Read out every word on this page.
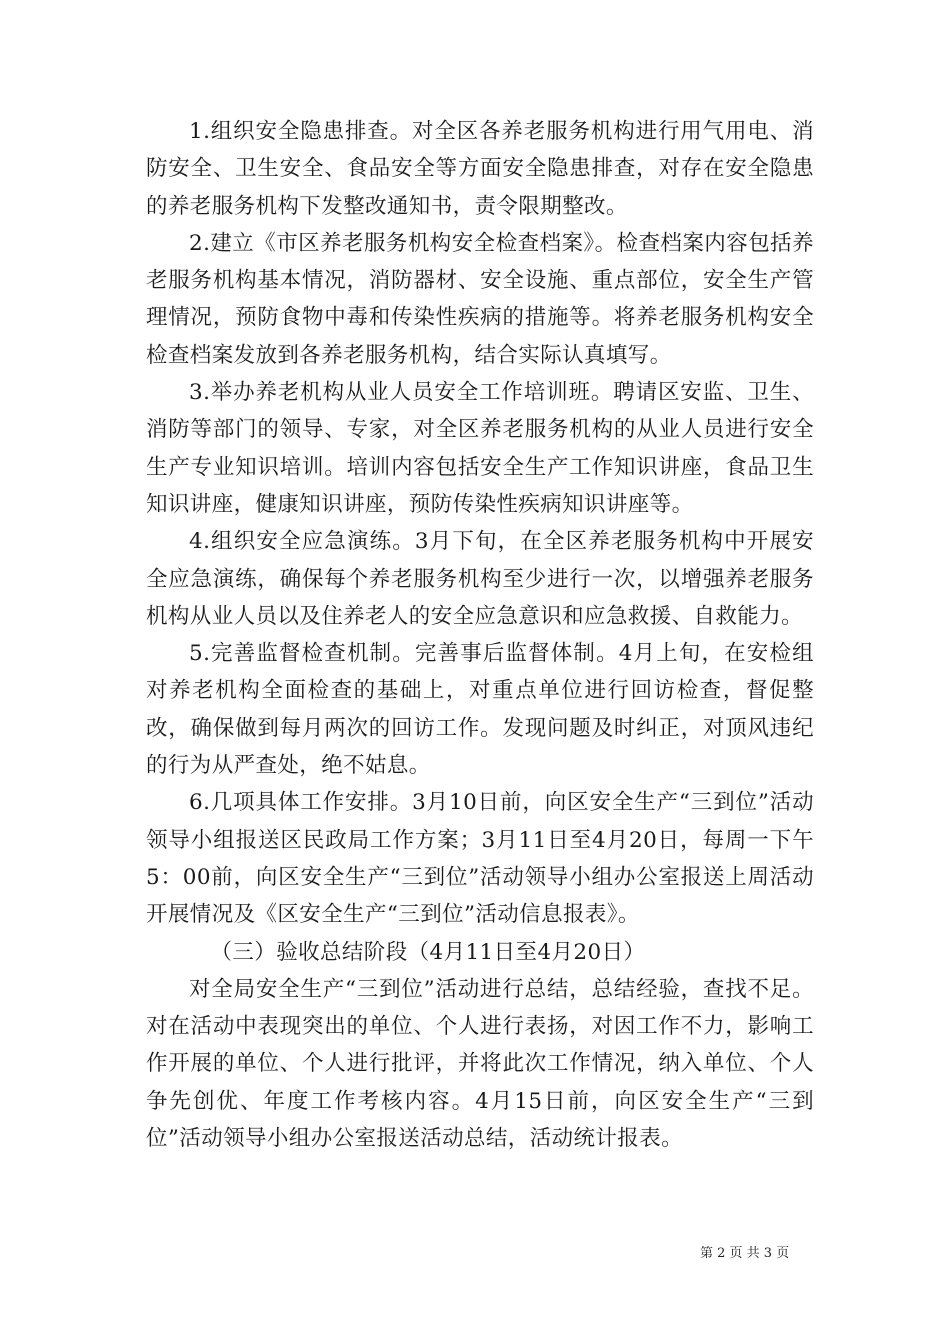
1.组织安全隐患排查。对全区各养老服务机构进行用气用电、消防安全、卫生安全、食品安全等方面安全隐患排查，对存在安全隐患的养老服务机构下发整改通知书，责令限期整改。

2.建立《市区养老服务机构安全检查档案》。检查档案内容包括养老服务机构基本情况，消防器材、安全设施、重点部位，安全生产管理情况，预防食物中毒和传染性疾病的措施等。将养老服务机构安全检查档案发放到各养老服务机构，结合实际认真填写。

3.举办养老机构从业人员安全工作培训班。聘请区安监、卫生、消防等部门的领导、专家，对全区养老服务机构的从业人员进行安全生产专业知识培训。培训内容包括安全生产工作知识讲座，食品卫生知识讲座，健康知识讲座，预防传染性疾病知识讲座等。

4.组织安全应急演练。3月下旬，在全区养老服务机构中开展安全应急演练，确保每个养老服务机构至少进行一次，以增强养老服务机构从业人员以及住养老人的安全应急意识和应急救援、自救能力。

5.完善监督检查机制。完善事后监督体制。4月上旬，在安检组对养老机构全面检查的基础上，对重点单位进行回访检查，督促整改，确保做到每月两次的回访工作。发现问题及时纠正，对顶风违纪的行为从严查处，绝不姑息。

6.几项具体工作安排。3月10日前，向区安全生产“三到位”活动领导小组报送区民政局工作方案；3月11日至4月20日，每周一下午5：00前，向区安全生产“三到位”活动领导小组办公室报送上周活动开展情况及《区安全生产“三到位”活动信息报表》。

（三）验收总结阶段（4月11日至4月20日）

对全局安全生产“三到位”活动进行总结，总结经验，查找不足。对在活动中表现突出的单位、个人进行表扬，对因工作不力，影响工作开展的单位、个人进行批评，并将此次工作情况，纳入单位、个人争先创优、年度工作考核内容。4月15日前，向区安全生产“三到位”活动领导小组办公室报送活动总结，活动统计报表。

第 2 页 共 3 页
